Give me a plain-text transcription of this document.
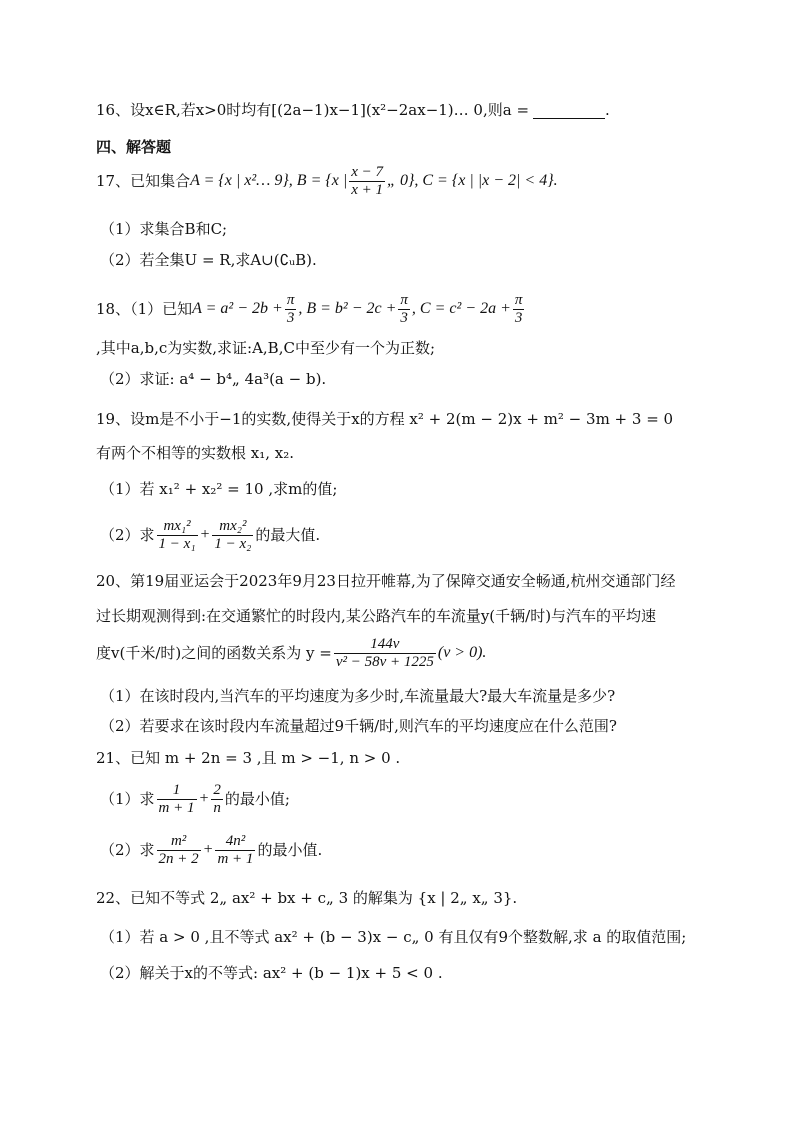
16、设x∈R,若x>0时均有[(2a−1)x−1](x²−2ax−1)… 0,则a =	.
四、解答题
17、已知集合 A = {x | x²… 9} , B = {x | $\frac{x - 7}{x + 1}$ „ 0} , C = {x | |x − 2| < 4}.
（1）求集合B和C;
（2）若全集U = R,求A∪(∁ᵤB).
18、（1）已知 $A = a^2 - 2b + \frac{\pi}{3}$ , $B = b^2 - 2c + \frac{\pi}{3}$ , $C = c^2 - 2a + \frac{\pi}{3}$
,其中a,b,c为实数,求证:A,B,C中至少有一个为正数;
（2）求证: a⁴ − b⁴„ 4a³(a − b).
19、设m是不小于−1的实数,使得关于x的方程 x² + 2(m − 2)x + m² − 3m + 3 = 0
有两个不相等的实数根 x₁, x₂.
（1）若 x₁² + x₂² = 10 ,求m的值;
（2）求 $\frac{\text{mx₁²}}{\text{1 − x₁}} + \frac{\text{mx₂²}}{\text{1 − x₂}}$ 的最大值.
20、第19届亚运会于2023年9月23日拉开帷幕,为了保障交通安全畅通,杭州交通部门经
过长期观测得到:在交通繁忙的时段内,某公路汽车的车流量y(千辆/时)与汽车的平均速
度v(千米/时)之间的函数关系为 $y = \frac{144v}{\text{v² − 58v + 1225}} (v > 0)$.
（1）在该时段内,当汽车的平均速度为多少时,车流量最大?最大车流量是多少?
（2）若要求在该时段内车流量超过9千辆/时,则汽车的平均速度应在什么范围?
21、已知 m + 2n = 3 ,且 m > −1, n > 0 .
（1）求 $\frac{1}{m + 1} + \frac{2}{n}$ 的最小值;
（2）求 $\frac{\text{m²}}{2n + 2} + \frac{\text{4n²}}{m + 1}$ 的最小值.
22、已知不等式 2„ ax² + bx + c„ 3 的解集为 {x | 2„ x„ 3}.
（1）若 a > 0 ,且不等式 ax² + (b − 3)x − c„ 0 有且仅有9个整数解,求 a 的取值范围;
（2）解关于x的不等式: ax² + (b − 1)x + 5 < 0 .
